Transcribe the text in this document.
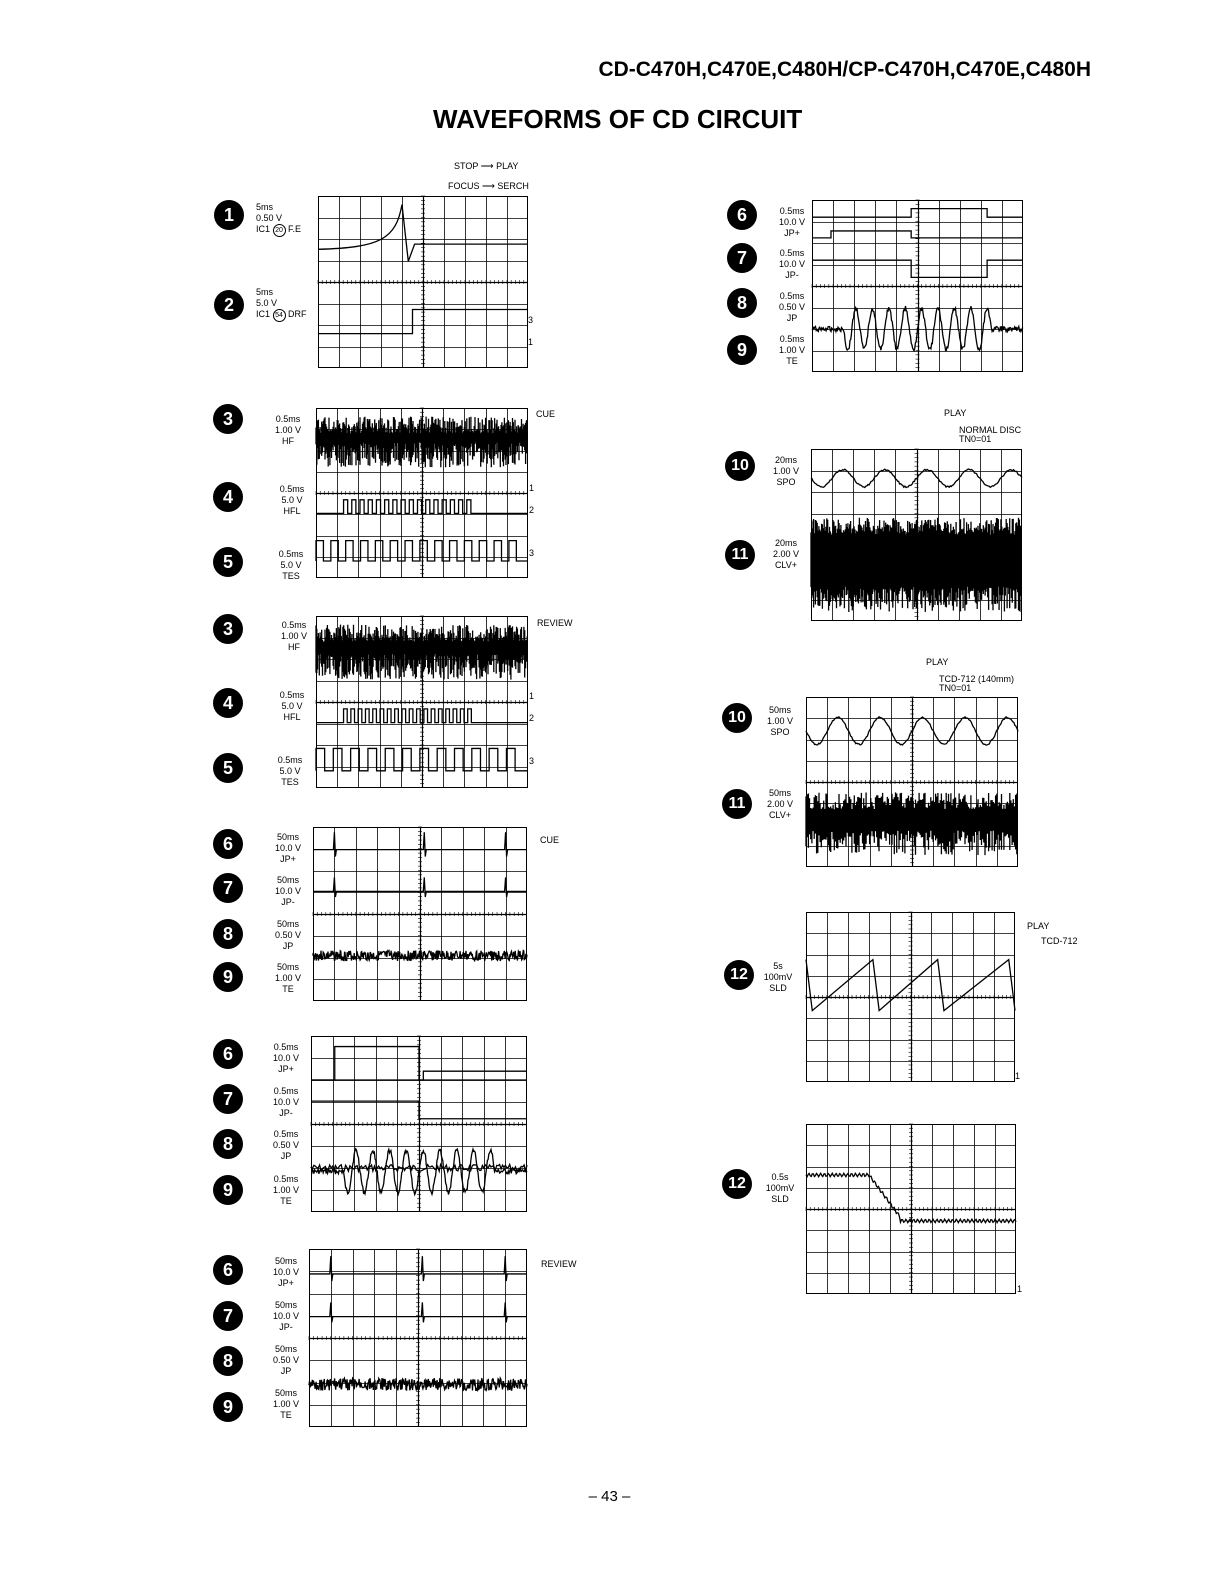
CD-C470H,C470E,C480H/CP-C470H,C470E,C480H
WAVEFORMS OF CD CIRCUIT
– 43 –
STOP ⟶ PLAY
FOCUS ⟶ SERCH
CUE
REVIEW
CUE
REVIEW
PLAY
NORMAL DISC
TN0=01
PLAY
TCD-712 (140mm)
TN0=01
PLAY
TCD-712
1	5ms
0.50 V
IC1 20 F.E
2
5ms
5.0 V
IC1 54 DRF
3	0.5ms
1.00 V
HF
4	0.5ms
5.0 V
HFL
5	0.5ms
5.0 V
TES
3	0.5ms
1.00 V
HF
4	0.5ms
5.0 V
HFL
5	0.5ms
5.0 V
TES
6	50ms
10.0 V
JP+
7	50ms
10.0 V
JP-
8	50ms
0.50 V
JP
9	50ms
1.00 V
TE
6	0.5ms
10.0 V
JP+
7	0.5ms
10.0 V
JP-
8	0.5ms
0.50 V
JP
9
0.5ms
1.00 V
TE
6	50ms
10.0 V
JP+
7
50ms
10.0 V
JP-
8
50ms
0.50 V
JP
9
50ms
1.00 V
TE
6	0.5ms
10.0 V
JP+
7	0.5ms
10.0 V
JP-
8	0.5ms
0.50 V
JP
9
0.5ms
1.00 V
TE
10	20ms
1.00 V
SPO
11
20ms
2.00 V
CLV+
10	50ms
1.00 V
SPO
11
50ms
2.00 V
CLV+
12	5s
100mV
SLD
12	0.5s
100mV
SLD
3
1
1
2
3
1
2
3
1
1
